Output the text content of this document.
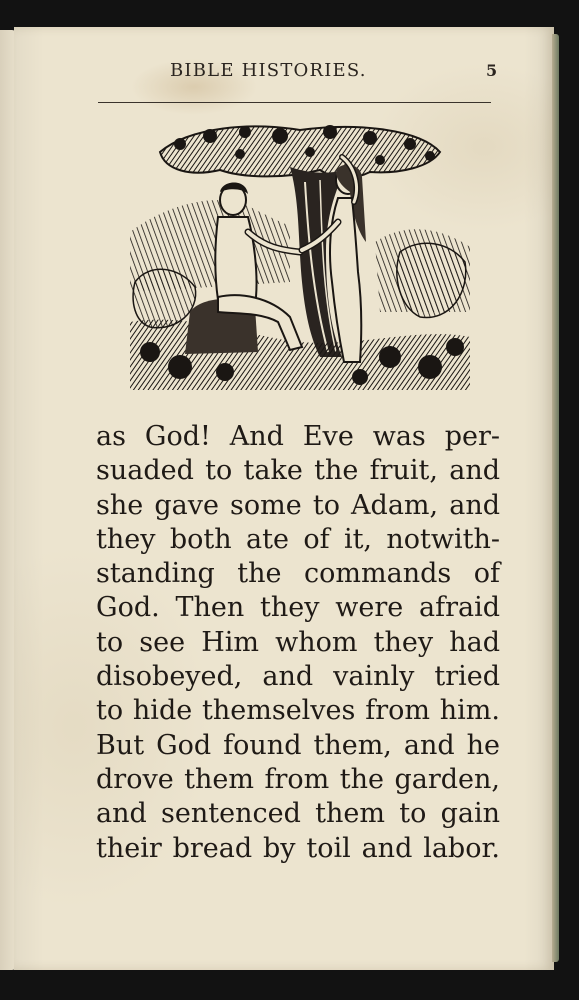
BIBLE HISTORIES.	5
as God! And Eve was per-
suaded to take the fruit, and
she gave some to Adam, and
they both ate of it, notwith-
standing the commands of
God. Then they were afraid
to see Him whom they had
disobeyed, and vainly tried
to hide themselves from him.
But God found them, and he
drove them from the garden,
and sentenced them to gain
their bread by toil and labor.
